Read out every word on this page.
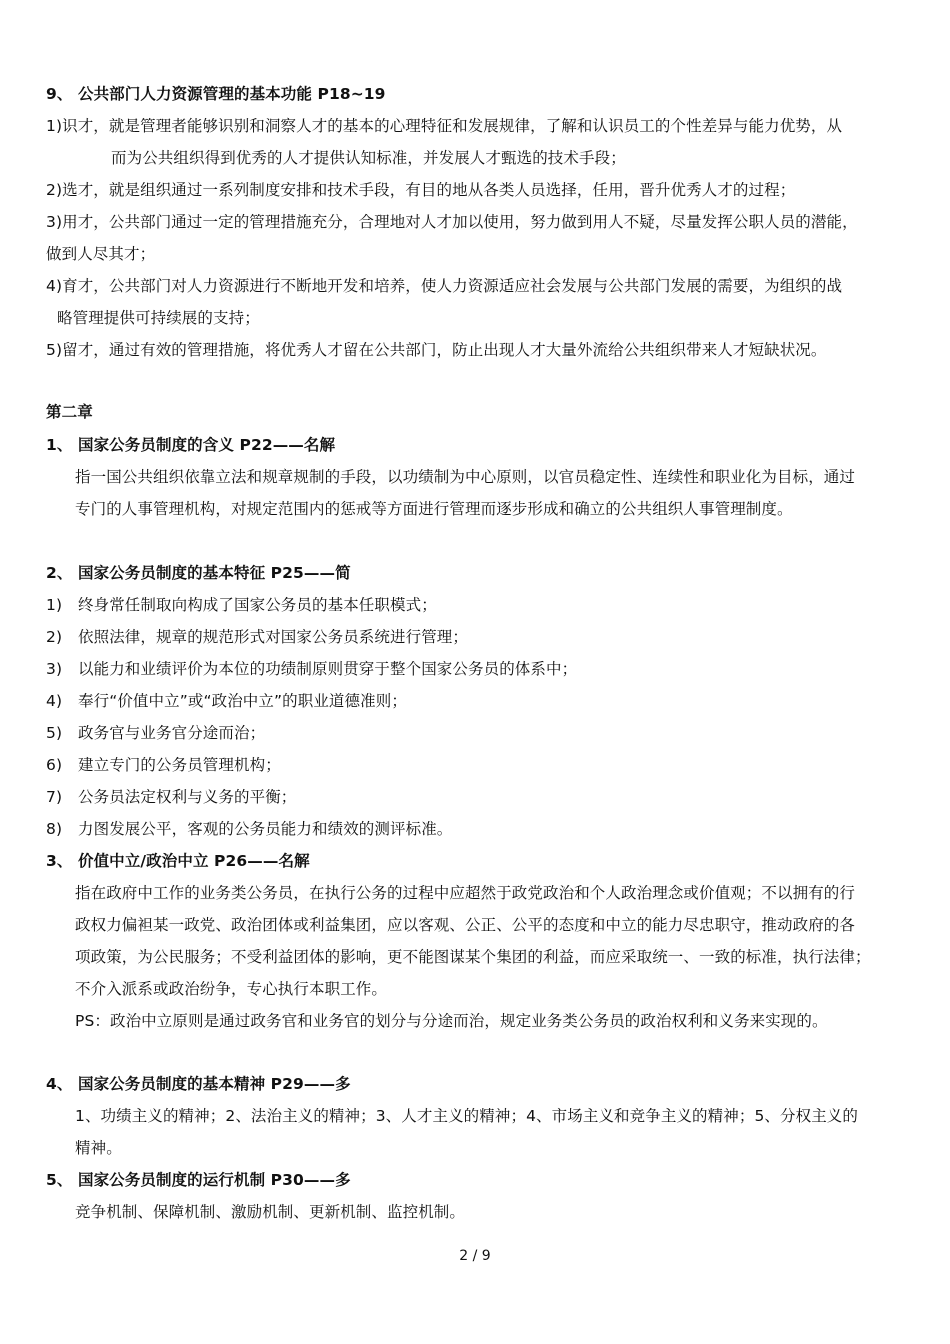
9、 公共部门人力资源管理的基本功能 P18~19
1)识才，就是管理者能够识别和洞察人才的基本的心理特征和发展规律，了解和认识员工的个性差异与能力优势，从
而为公共组织得到优秀的人才提供认知标准，并发展人才甄选的技术手段；
2)选才，就是组织通过一系列制度安排和技术手段，有目的地从各类人员选择，任用，晋升优秀人才的过程；
3)用才，公共部门通过一定的管理措施充分，合理地对人才加以使用，努力做到用人不疑，尽量发挥公职人员的潜能，
做到人尽其才；
4)育才，公共部门对人力资源进行不断地开发和培养，使人力资源适应社会发展与公共部门发展的需要，为组织的战
略管理提供可持续展的支持；
5)留才，通过有效的管理措施，将优秀人才留在公共部门，防止出现人才大量外流给公共组织带来人才短缺状况。
第二章
1、 国家公务员制度的含义 P22——名解
指一国公共组织依靠立法和规章规制的手段，以功绩制为中心原则，以官员稳定性、连续性和职业化为目标，通过
专门的人事管理机构，对规定范围内的惩戒等方面进行管理而逐步形成和确立的公共组织人事管理制度。
2、 国家公务员制度的基本特征 P25——简
1) 终身常任制取向构成了国家公务员的基本任职模式；
2) 依照法律，规章的规范形式对国家公务员系统进行管理；
3) 以能力和业绩评价为本位的功绩制原则贯穿于整个国家公务员的体系中；
4) 奉行“价值中立”或“政治中立”的职业道德准则；
5) 政务官与业务官分途而治；
6) 建立专门的公务员管理机构；
7) 公务员法定权利与义务的平衡；
8) 力图发展公平，客观的公务员能力和绩效的测评标准。
3、 价值中立/政治中立 P26——名解
指在政府中工作的业务类公务员，在执行公务的过程中应超然于政党政治和个人政治理念或价值观；不以拥有的行
政权力偏袒某一政党、政治团体或利益集团，应以客观、公正、公平的态度和中立的能力尽忠职守，推动政府的各
项政策，为公民服务；不受利益团体的影响，更不能图谋某个集团的利益，而应采取统一、一致的标准，执行法律；
不介入派系或政治纷争，专心执行本职工作。
PS：政治中立原则是通过政务官和业务官的划分与分途而治，规定业务类公务员的政治权利和义务来实现的。
4、 国家公务员制度的基本精神 P29——多
1、功绩主义的精神；2、法治主义的精神；3、人才主义的精神；4、市场主义和竞争主义的精神；5、分权主义的
精神。
5、 国家公务员制度的运行机制 P30——多
竞争机制、保障机制、激励机制、更新机制、监控机制。
2 / 9
